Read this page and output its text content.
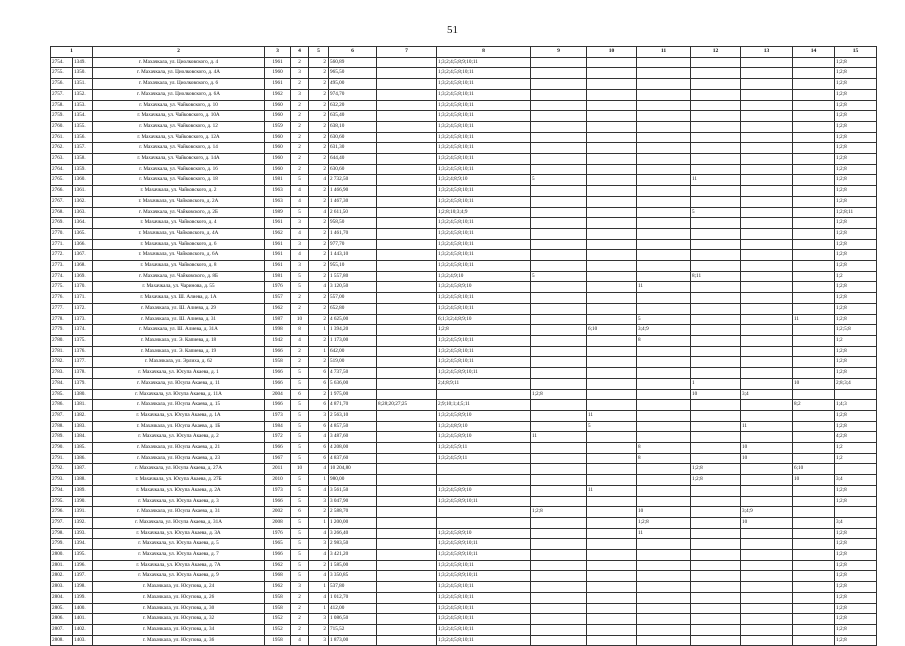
51
1		2	3	4	5	6	7	8	9	10	11	12	13	14	15
2754.	1349.	г. Махачкала, ул. Циолковского, д. 4	1961	2	2	560,89		1;3;2;4;5;8;9;10;11							1;2;8
2755.	1350.	г. Махачкала, ул. Циолковского, д. 4А	1960	3	2	965,50		1;3;2;4;5;8;10;11							1;2;8
2756.	1351.	г. Махачкала, ул. Циолковского, д. 6	1961	2	2	495,00		1;3;2;4;5;8;10;11							1;2;8
2757.	1352.	г. Махачкала, ул. Циолковского, д. 6А	1962	3	2	974,70		1;3;2;4;5;8;10;11							1;2;8
2758.	1353.	г. Махачкала, ул. Чайковского, д. 10	1960	2	2	632,20		1;3;2;4;5;8;10;11							1;2;8
2759.	1354.	г. Махачкала, ул. Чайковского, д. 10А	1960	2	2	635,40		1;3;2;4;5;8;10;11							1;2;8
2760.	1355.	г. Махачкала, ул. Чайковского, д. 12	1959	2	2	638,10		1;3;2;4;5;8;10;11							1;2;8
2761.	1356.	г. Махачкала, ул. Чайковского, д. 12А	1960	2	2	630,60		1;3;2;4;5;8;10;11							1;2;8
2762.	1357.	г. Махачкала, ул. Чайковского, д. 14	1960	2	2	631,30		1;3;2;4;5;8;10;11							1;2;8
2763.	1358.	г. Махачкала, ул. Чайковского, д. 14А	1960	2	2	644,40		1;3;2;4;5;8;10;11							1;2;8
2764.	1359.	г. Махачкала, ул. Чайковского, д. 16	1960	2	2	630,60		1;3;2;4;5;8;10;11							1;2;8
2765.	1360.	г. Махачкала, ул. Чайковского, д. 18	1981	5	4	2 732,50		1;3;2;4;8;9;10	5			11			1;2;8
2766.	1361.	г. Махачкала, ул. Чайковского, д. 2	1963	4	2	1 466,90		1;3;2;4;5;8;10;11							1;2;8
2767.	1362.	г. Махачкала, ул. Чайковского, д. 2А	1963	4	2	1 467,30		1;3;2;4;5;8;10;11							1;2;8
2768.	1363.	г. Махачкала, ул. Чайковского, д. 2Б	1989	5	4	2 611,50		1;2;8;10;3;4;9				5			1;2;8;11
2769.	1364.	г. Махачкала, ул. Чайковского, д. 4	1961	3	2	958,50		1;3;2;4;5;8;10;11							1;2;8
2770.	1365.	г. Махачкала, ул. Чайковского, д. 4А	1962	4	2	1 461,70		1;3;2;4;5;8;10;11							1;2;8
2771.	1366.	г. Махачкала, ул. Чайковского, д. 6	1961	3	2	977,70		1;3;2;4;5;8;10;11							1;2;8
2772.	1367.	г. Махачкала, ул. Чайковского, д. 6А	1961	4	2	1 443,10		1;3;2;4;5;8;10;11							1;2;8
2773.	1368.	г. Махачкала, ул. Чайковского, д. 8	1961	3	2	955,10		1;3;2;4;5;8;10;11							1;2;8
2774.	1369.	г. Махачкала, ул. Чайковского, д. 8Б	1981	5	2	1 557,80		1;3;2;4;9;10	5			8;11			1;2
2775.	1370.	г. Махачкала, ул. Чаринова, д. 55	1976	5	4	3 120,50		1;3;2;4;5;8;9;10			11				1;2;8
2776.	1371.	г. Махачкала, ул. Ш. Алиева, д. 1А	1957	2	2	557,00		1;3;2;4;5;8;10;11							1;2;8
2777.	1372.	г. Махачкала, ул. Ш. Алиева, д. 29	1962	2	2	652,80		1;3;2;4;5;8;10;11							1;2;8
2778.	1373.	г. Махачкала, ул. Ш. Алиева, д. 31	1987	10	2	4 625,00		6;1;3;2;4;8;9;10			5			11	1;2;8
2779.	1374.	г. Махачкала, ул. Ш. Алиева, д. 31А	1998	8	1	1 394,20		1;2;8		6;10	3;4;9				1;2;5;8
2780.	1375.	г. Махачкала, ул. Э. Капиева, д. 18	1942	4	2	1 173,00		1;3;2;4;5;9;10;11			8				1;2
2781.	1376.	г. Махачкала, ул. Э. Капиева, д. 19	1966	2	1	642,00		1;3;2;4;5;8;10;11							1;2;8
2782.	1377.	г. Махачкала, ул. Эрлиха, д. 62	1958	2	2	519,00		1;3;2;4;5;8;10;11							1;2;8
2783.	1378.	г. Махачкала, ул. Юсупа Акаева, д. 1	1966	5	6	4 737,50		1;3;2;4;5;8;9;10;11							1;2;8
2784.	1379.	г. Махачкала, ул. Юсупа Акаева, д. 11	1966	5	6	5 636,00		2;4;8;9;11				1		10	2;8;3;4
2785.	1380.	г. Махачкала, ул. Юсупа Акаева, д. 11А	2004	6	2	1 975,00			1;2;8			10	3;4		
2786.	1381.	г. Махачкала, ул. Юсупа Акаева, д. 15	1966	5	6	4 871,70	8;28;20;27;25	2;9;10;1;4;5;11						8;2	1;4;3
2787.	1382.	г. Махачкала, ул. Юсупа Акаева, д. 1А	1973	5	3	2 563,10		1;3;2;4;5;8;9;10		11					1;2;8
2788.	1383.	г. Махачкала, ул. Юсупа Акаева, д. 1Б	1984	5	6	4 857,50		1;3;2;4;8;9;10		5			11		1;2;8
2789.	1384.	г. Махачкала, ул. Юсупа Акаева, д. 2	1972	5	4	3 487,60		1;3;2;4;5;8;9;10	11						4;2;8
2790.	1385.	г. Махачкала, ул. Юсупа Акаева, д. 21	1966	5	6	4 208,00		1;3;2;4;5;9;11			8		10		1;2
2791.	1386.	г. Махачкала, ул. Юсупа Акаева, д. 23	1967	5	6	4 837,60		1;3;2;4;5;9;11			8		10		1;2
2792.	1387.	г. Махачкала, ул. Юсупа Акаева, д. 27А	2011	10	4	10 204,80						1;2;8		6;10	
2793.	1388.	г. Махачкала, ул. Юсупа Акаева, д. 27Б	2010	5	1	980,00						1;2;8		10	3;4
2794.	1389.	г. Махачкала, ул. Юсупа Акаева, д. 2А	1973	5	4	3 561,50		1;3;2;4;5;8;9;10		11					1;2;8
2795.	1390.	г. Махачкала, ул. Юсупа Акаева, д. 3	1966	5	3	3 047,90		1;3;2;4;5;8;9;10;11							1;2;8
2796.	1391.	г. Махачкала, ул. Юсупа Акаева, д. 31	2002	6	2	2 588,70			1;2;8		10		3;4;9		
2797.	1392.	г. Махачкала, ул. Юсупа Акаева, д. 31А	2008	5	1	1 200,00					1;2;8		10		3;4
2798.	1393.	г. Махачкала, ул. Юсупа Акаева, д. 3А	1976	5	4	3 266,40		1;3;2;4;5;8;9;10			11				1;2;8
2799.	1394.	г. Махачкала, ул. Юсупа Акаева, д. 5	1965	5	3	2 983,50		1;3;2;4;5;8;9;10;11							1;2;8
2800.	1395.	г. Махачкала, ул. Юсупа Акаева, д. 7	1966	5	4	3 421,20		1;3;2;4;5;8;9;10;11							1;2;8
2801.	1396.	г. Махачкала, ул. Юсупа Акаева, д. 7А	1962	5	2	1 585,00		1;3;2;4;5;8;10;11							1;2;8
2802.	1397.	г. Махачкала, ул. Юсупа Акаева, д. 9	1968	5	4	3 350,85		1;3;2;4;5;8;9;10;11							1;2;8
2803.	1398.	г. Махачкала, ул. Юсупова, д. 24	1962	3	1	537,80		1;3;2;4;5;8;10;11							1;2;8
2804.	1399.	г. Махачкала, ул. Юсупова, д. 26	1958	2	4	1 012,70		1;3;2;4;5;8;10;11							1;2;8
2805.	1400.	г. Махачкала, ул. Юсупова, д. 30	1958	2	1	412,00		1;3;2;4;5;8;10;11							1;2;8
2806.	1401.	г. Махачкала, ул. Юсупова, д. 32	1952	2	3	1 086,50		1;3;2;4;5;8;10;11							1;2;8
2807.	1402.	г. Махачкала, ул. Юсупова, д. 34	1952	2	2	715,52		1;3;2;4;5;8;10;11							1;2;8
2808.	1403.	г. Махачкала, ул. Юсупова, д. 36	1958	4	3	1 873,00		1;3;2;4;5;8;10;11							1;2;8
